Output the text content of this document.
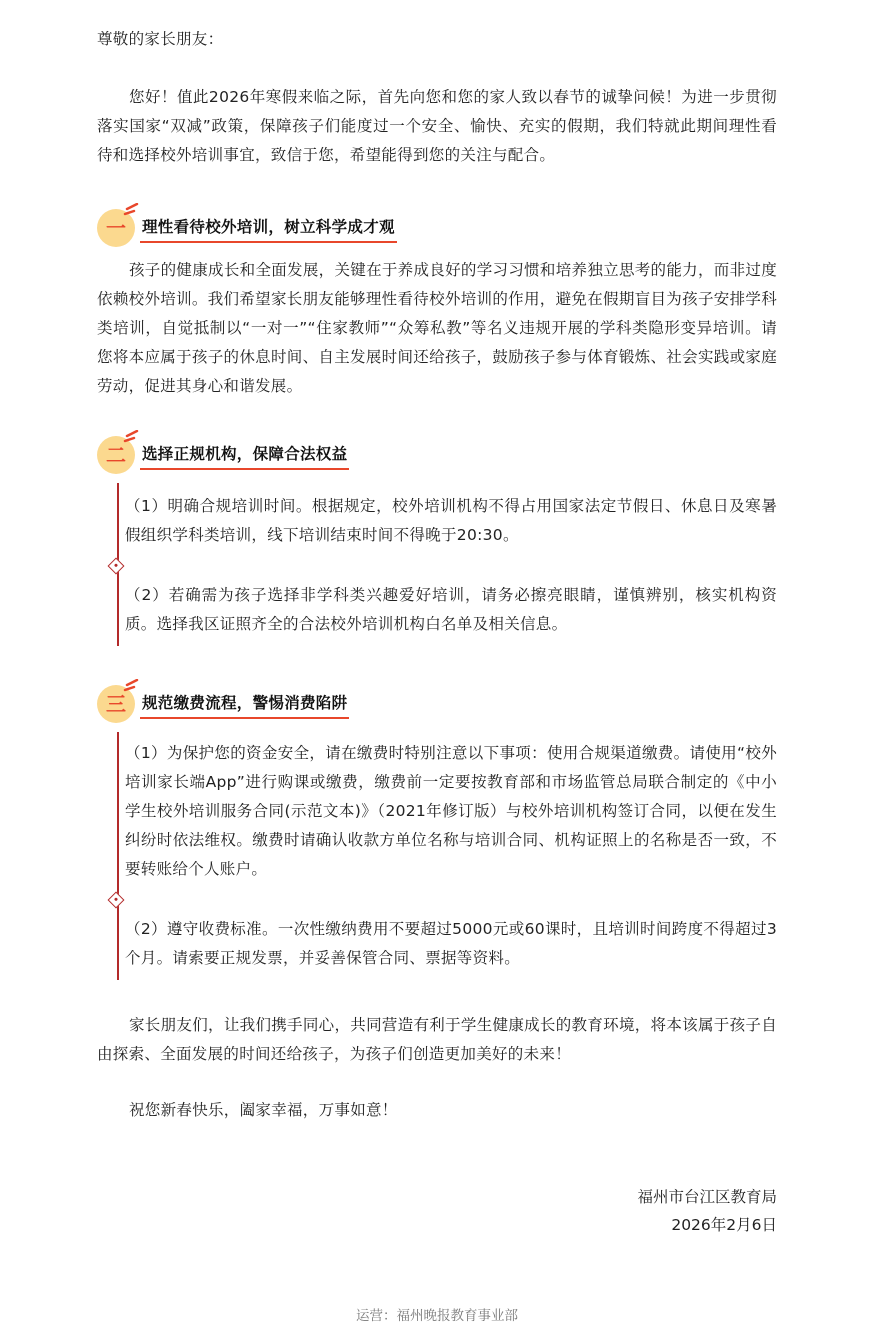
尊敬的家长朋友：

您好！值此2026年寒假来临之际，首先向您和您的家人致以春节的诚挚问候！为进一步贯彻落实国家“双减”政策，保障孩子们能度过一个安全、愉快、充实的假期，我们特就此期间理性看待和选择校外培训事宜，致信于您，希望能得到您的关注与配合。

一	理性看待校外培训，树立科学成才观

孩子的健康成长和全面发展，关键在于养成良好的学习习惯和培养独立思考的能力，而非过度依赖校外培训。我们希望家长朋友能够理性看待校外培训的作用，避免在假期盲目为孩子安排学科类培训，自觉抵制以“一对一”“住家教师”“众筹私教”等名义违规开展的学科类隐形变异培训。请您将本应属于孩子的休息时间、自主发展时间还给孩子，鼓励孩子参与体育锻炼、社会实践或家庭劳动，促进其身心和谐发展。

二	选择正规机构，保障合法权益

（1）明确合规培训时间。根据规定，校外培训机构不得占用国家法定节假日、休息日及寒暑假组织学科类培训，线下培训结束时间不得晚于20:30。

（2）若确需为孩子选择非学科类兴趣爱好培训，请务必擦亮眼睛，谨慎辨别，核实机构资质。选择我区证照齐全的合法校外培训机构白名单及相关信息。

三	规范缴费流程，警惕消费陷阱

（1）为保护您的资金安全，请在缴费时特别注意以下事项：使用合规渠道缴费。请使用“校外培训家长端App”进行购课或缴费，缴费前一定要按教育部和市场监管总局联合制定的《中小学生校外培训服务合同(示范文本)》（2021年修订版）与校外培训机构签订合同，以便在发生纠纷时依法维权。缴费时请确认收款方单位名称与培训合同、机构证照上的名称是否一致，不要转账给个人账户。

（2）遵守收费标准。一次性缴纳费用不要超过5000元或60课时，且培训时间跨度不得超过3个月。请索要正规发票，并妥善保管合同、票据等资料。

家长朋友们，让我们携手同心，共同营造有利于学生健康成长的教育环境，将本该属于孩子自由探索、全面发展的时间还给孩子，为孩子们创造更加美好的未来！

祝您新春快乐，阖家幸福，万事如意！

福州市台江区教育局
2026年2月6日
运营：福州晚报教育事业部
